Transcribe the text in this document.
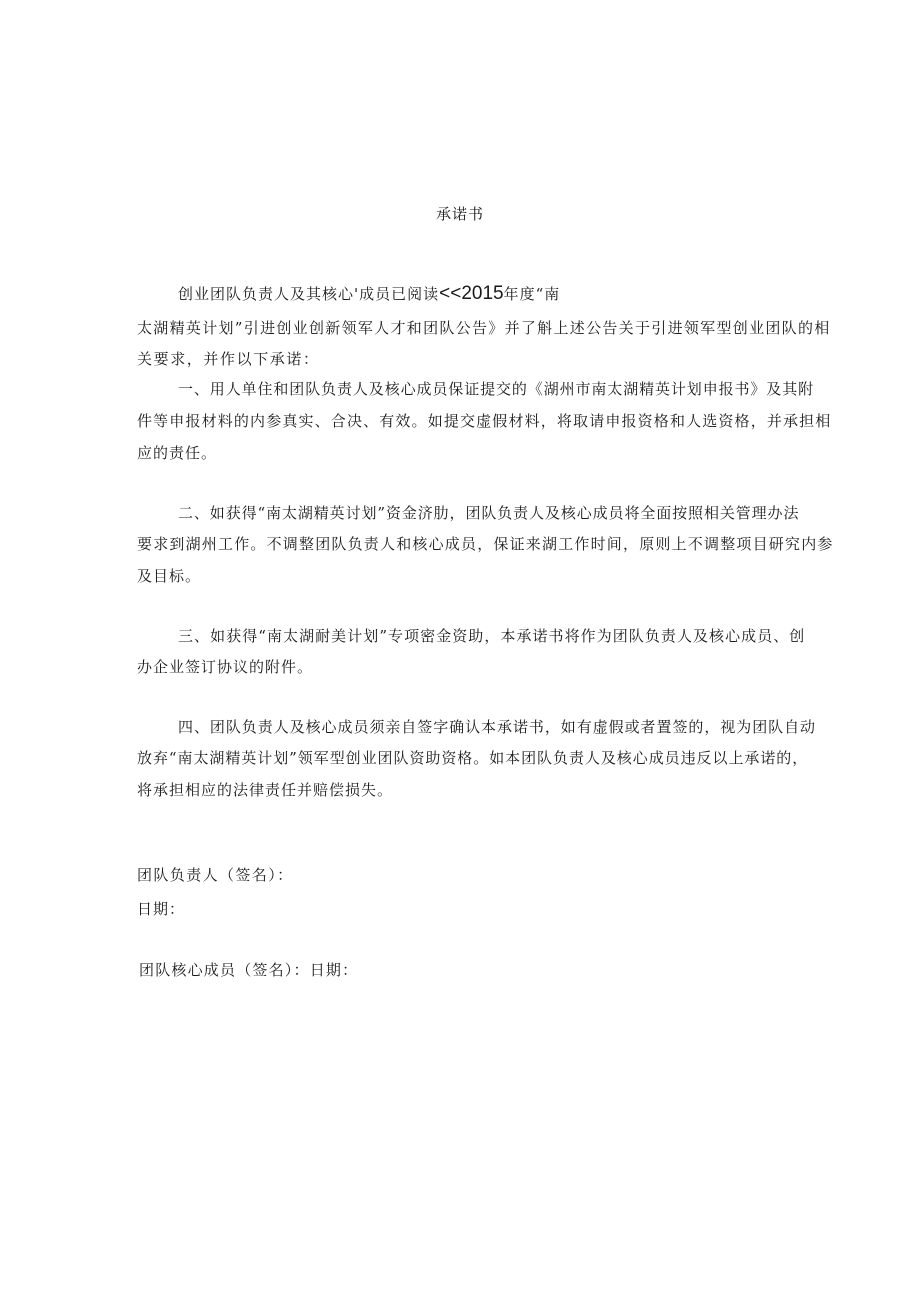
承诺书
创业团队负责人及其核心'成员已阅读<<2015年度“南
太湖精英计划”引进创业创新领军人才和团队公告》并了斛上述公告关于引进领军型创业团队的相
关要求，并作以下承诺：
一、用人单住和团队负责人及核心成员保证提交的《湖州市南太湖精英计划申报书》及其附
件等申报材料的内参真实、合决、有效。如提交虚假材料，将取请申报资格和人选资格，并承担相
应的责任。
二、如获得“南太湖精英讨划”资金济肋，团队负责人及核心成员将全面按照相关管理办法
要求到湖州工作。不调整团队负责人和核心成员，保证来湖工作时间，原则上不调整项目研究内参
及目标。
三、如获得“南太湖耐美计划”专项密金资助，本承诺书将作为团队负责人及核心成员、创
办企业签订协议的附件。
四、团队负责人及核心成员须亲自签字确认本承诺书，如有虚假或者置签的，视为团队自动
放弃“南太湖精英计划”领军型创业团队资助资格。如本团队负责人及核心成员违反以上承诺的，
将承担相应的法律责任并赔偿损失。
团队负责人（签名）：
日期：
团队核心成员（签名）：日期：
